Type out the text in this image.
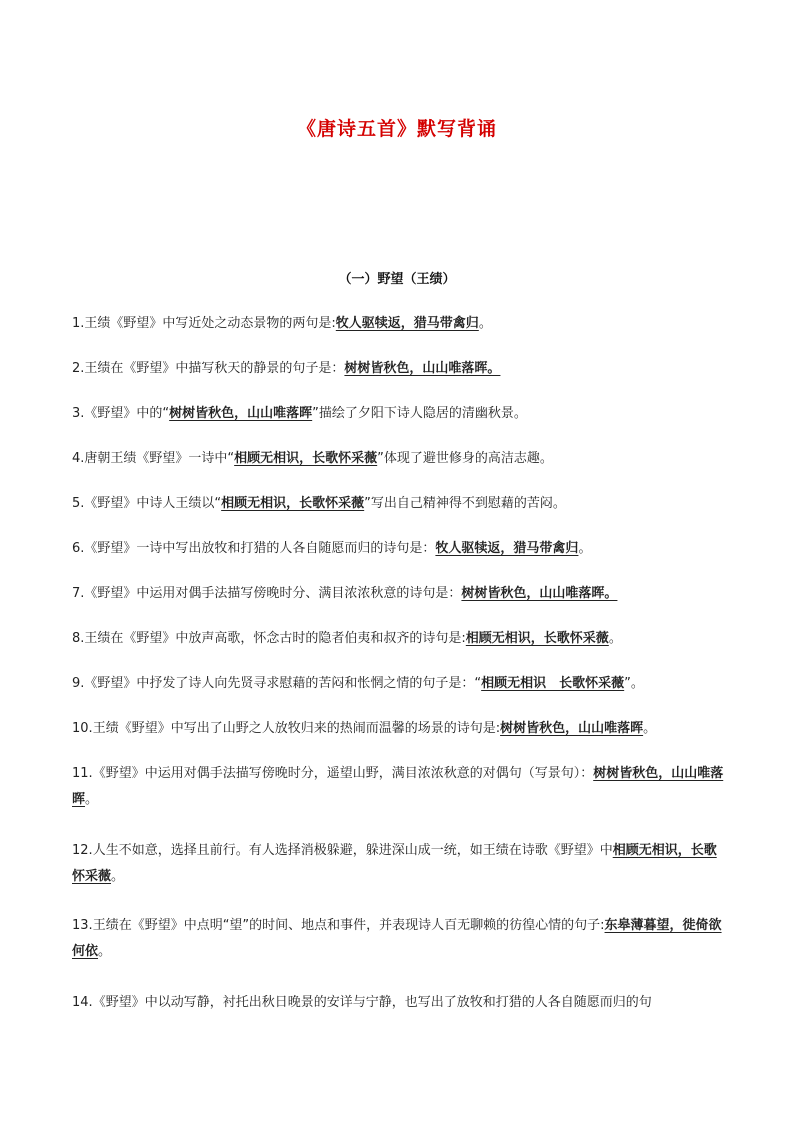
《唐诗五首》默写背诵
（一）野望（王绩）

1.王绩《野望》中写近处之动态景物的两句是:牧人驱犊返，猎马带禽归。

2.王绩在《野望》中描写秋天的静景的句子是：树树皆秋色，山山唯落晖。

3.《野望》中的“树树皆秋色，山山唯落晖”描绘了夕阳下诗人隐居的清幽秋景。

4.唐朝王绩《野望》一诗中“相顾无相识，长歌怀采薇”体现了避世修身的高洁志趣。

5.《野望》中诗人王绩以“相顾无相识，长歌怀采薇”写出自己精神得不到慰藉的苦闷。

6.《野望》一诗中写出放牧和打猎的人各自随愿而归的诗句是：牧人驱犊返，猎马带禽归。

7.《野望》中运用对偶手法描写傍晚时分、满目浓浓秋意的诗句是：树树皆秋色，山山唯落晖。

8.王绩在《野望》中放声高歌，怀念古时的隐者伯夷和叔齐的诗句是:相顾无相识，长歌怀采薇。

9.《野望》中抒发了诗人向先贤寻求慰藉的苦闷和怅惘之情的句子是：“相顾无相识　长歌怀采薇”。

10.王绩《野望》中写出了山野之人放牧归来的热闹而温馨的场景的诗句是:树树皆秋色，山山唯落晖。

11.《野望》中运用对偶手法描写傍晚时分，遥望山野，满目浓浓秋意的对偶句（写景句）：树树皆秋色，山山唯落晖。

12.人生不如意，选择且前行。有人选择消极躲避，躲进深山成一统，如王绩在诗歌《野望》中相顾无相识，长歌怀采薇。

13.王绩在《野望》中点明“望”的时间、地点和事件，并表现诗人百无聊赖的彷徨心情的句子:东皋薄暮望，徙倚欲何依。

14.《野望》中以动写静，衬托出秋日晚景的安详与宁静，也写出了放牧和打猎的人各自随愿而归的句
